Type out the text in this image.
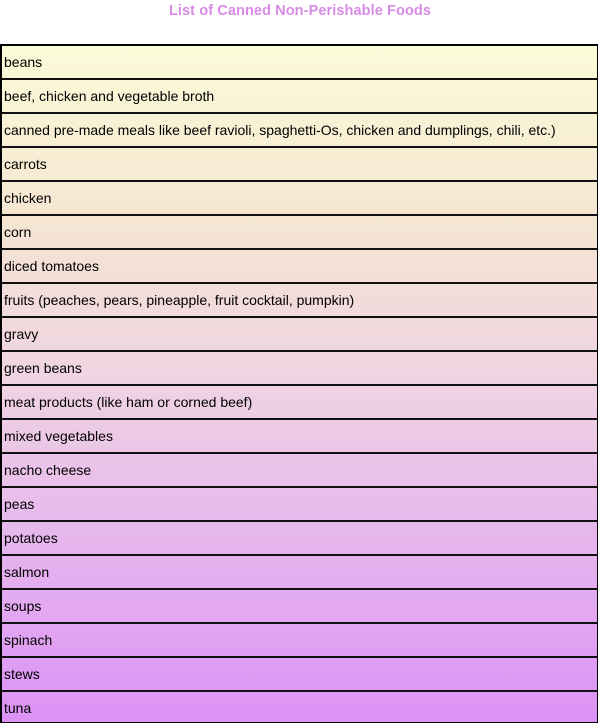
List of Canned Non-Perishable Foods
beans
beef, chicken and vegetable broth
canned pre-made meals like beef ravioli, spaghetti-Os, chicken and dumplings, chili, etc.)
carrots
chicken
corn
diced tomatoes
fruits (peaches, pears, pineapple, fruit cocktail, pumpkin)
gravy
green beans
meat products (like ham or corned beef)
mixed vegetables
nacho cheese
peas
potatoes
salmon
soups
spinach
stews
tuna
